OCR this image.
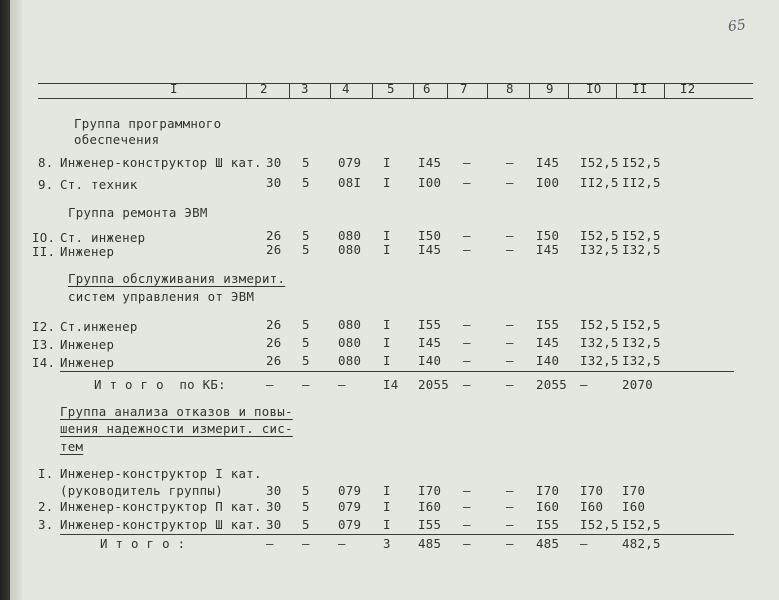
65
I	2	3	4	5 6 7	8	9	IO II	I2
Группа программного
обеспечения
8. Инженер-конструктор Ш кат. 30 5 079 I I45 –	– I45 I52,5 I52,5
9. Ст. техник	30 5 08I I I00 –	– I00 II2,5 II2,5
Группа ремонта ЭВМ
IO. Ст. инженер	26 5 080 I I50 –	– I50 I52,5 I52,5
II. Инженер	26 5 080 I I45 –	– I45 I32,5 I32,5
Группа обслуживания измерит.
систем управления от ЭВМ
I2. Ст.инженер	26 5 080 I I55 –	– I55 I52,5 I52,5
I3. Инженер	26 5 080 I I45 –	– I45 I32,5 I32,5
I4. Инженер	26 5 080 I I40 –	– I40 I32,5 I32,5
И т о г о  по КБ:	– – –	I4 2055 –	– 2055 –	2070
Группа анализа отказов и повы-
шения надежности измерит. сис-
тем
I. Инженер-конструктор I кат.
(руководитель группы)	30 5 079 I I70 –	– I70 I70 I70
2. Инженер-конструктор П кат. 30 5 079 I I60 –	– I60 I60 I60
3. Инженер-конструктор Ш кат. 30 5 079 I I55 –	– I55 I52,5 I52,5
И т о г о :	– – –	3 485 –	– 485 –	482,5
